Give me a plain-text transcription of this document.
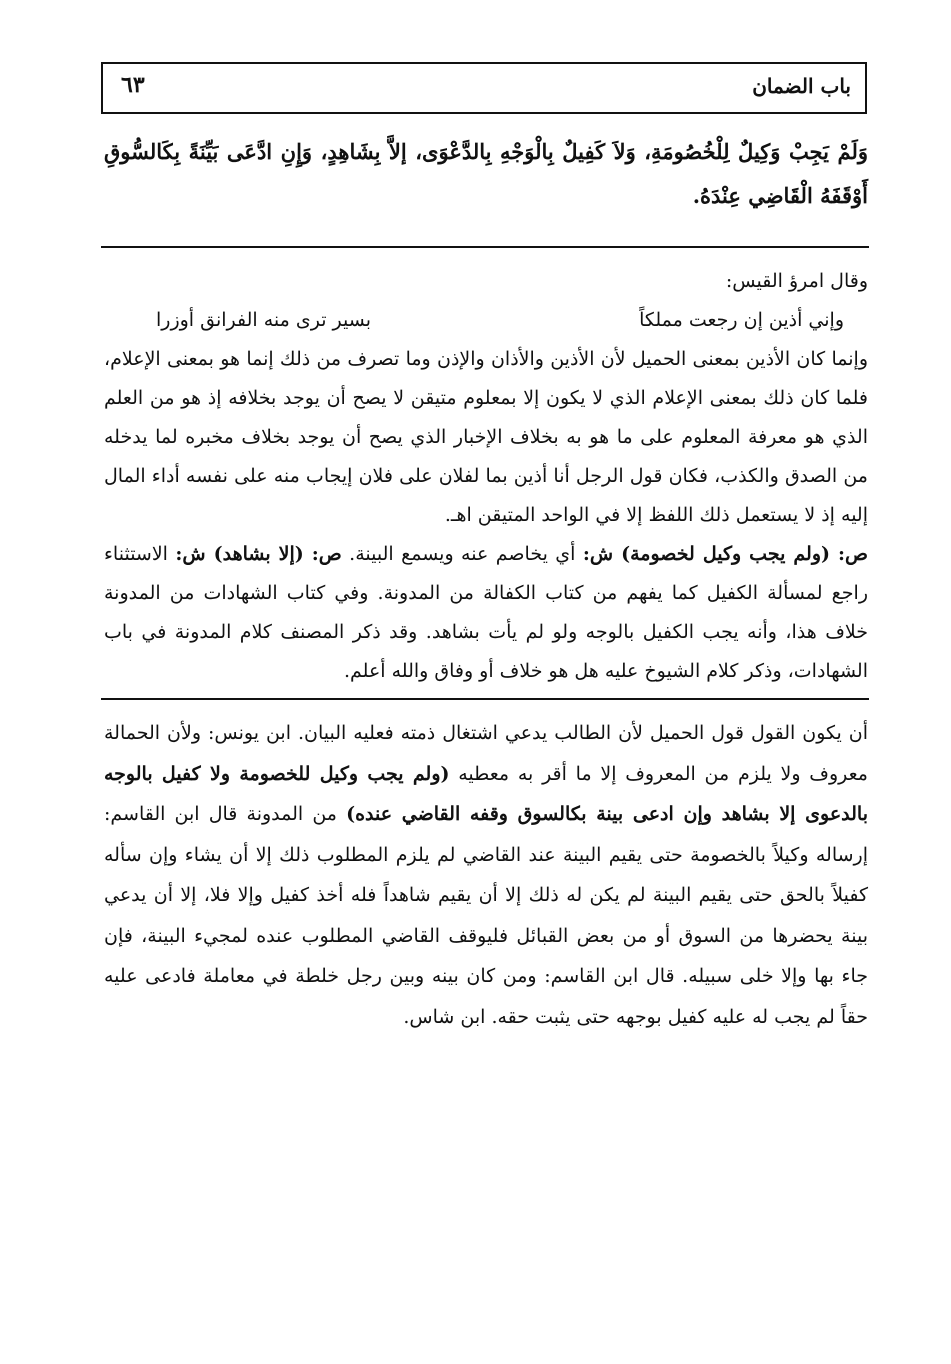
باب الضمان
٦٣

وَلَمْ يَجِبْ وَكِيلٌ لِلْخُصُومَةِ، وَلاَ كَفِيلٌ بِالْوَجْهِ بِالدَّعْوَى، إلاَّ بِشَاهِدٍ، وَإِنِ ادَّعَى بَيِّنَةً بِكَالسُّوقِ أَوْقَفَهُ الْقَاضِي عِنْدَهُ.

وقال امرؤ القيس:

وإني أذين إن رجعت مملكاً
بسير ترى منه الفرانق أوزرا

وإنما كان الأذين بمعنى الحميل لأن الأذين والأذان والإذن وما تصرف من ذلك إنما هو بمعنى الإعلام، فلما كان ذلك بمعنى الإعلام الذي لا يكون إلا بمعلوم متيقن لا يصح أن يوجد بخلافه إذ هو من العلم الذي هو معرفة المعلوم على ما هو به بخلاف الإخبار الذي يصح أن يوجد بخلاف مخبره لما يدخله من الصدق والكذب، فكان قول الرجل أنا أذين بما لفلان على فلان إيجاب منه على نفسه أداء المال إليه إذ لا يستعمل ذلك اللفظ إلا في الواحد المتيقن اهـ.

ص: (ولم يجب وكيل لخصومة) ش: أي يخاصم عنه ويسمع البينة. ص: (إلا بشاهد) ش: الاستثناء راجع لمسألة الكفيل كما يفهم من كتاب الكفالة من المدونة. وفي كتاب الشهادات من المدونة خلاف هذا، وأنه يجب الكفيل بالوجه ولو لم يأت بشاهد. وقد ذكر المصنف كلام المدونة في باب الشهادات، وذكر كلام الشيوخ عليه هل هو خلاف أو وفاق والله أعلم.

أن يكون القول قول الحميل لأن الطالب يدعي اشتغال ذمته فعليه البيان. ابن يونس: ولأن الحمالة معروف ولا يلزم من المعروف إلا ما أقر به معطيه (ولم يجب وكيل للخصومة ولا كفيل بالوجه بالدعوى إلا بشاهد وإن ادعى بينة بكالسوق وقفه القاضي عنده) من المدونة قال ابن القاسم: إرساله وكيلاً بالخصومة حتى يقيم البينة عند القاضي لم يلزم المطلوب ذلك إلا أن يشاء وإن سأله كفيلاً بالحق حتى يقيم البينة لم يكن له ذلك إلا أن يقيم شاهداً فله أخذ كفيل وإلا فلا، إلا أن يدعي بينة يحضرها من السوق أو من بعض القبائل فليوقف القاضي المطلوب عنده لمجيء البينة، فإن جاء بها وإلا خلى سبيله. قال ابن القاسم: ومن كان بينه وبين رجل خلطة في معاملة فادعى عليه حقاً لم يجب له عليه كفيل بوجهه حتى يثبت حقه. ابن شاس.
